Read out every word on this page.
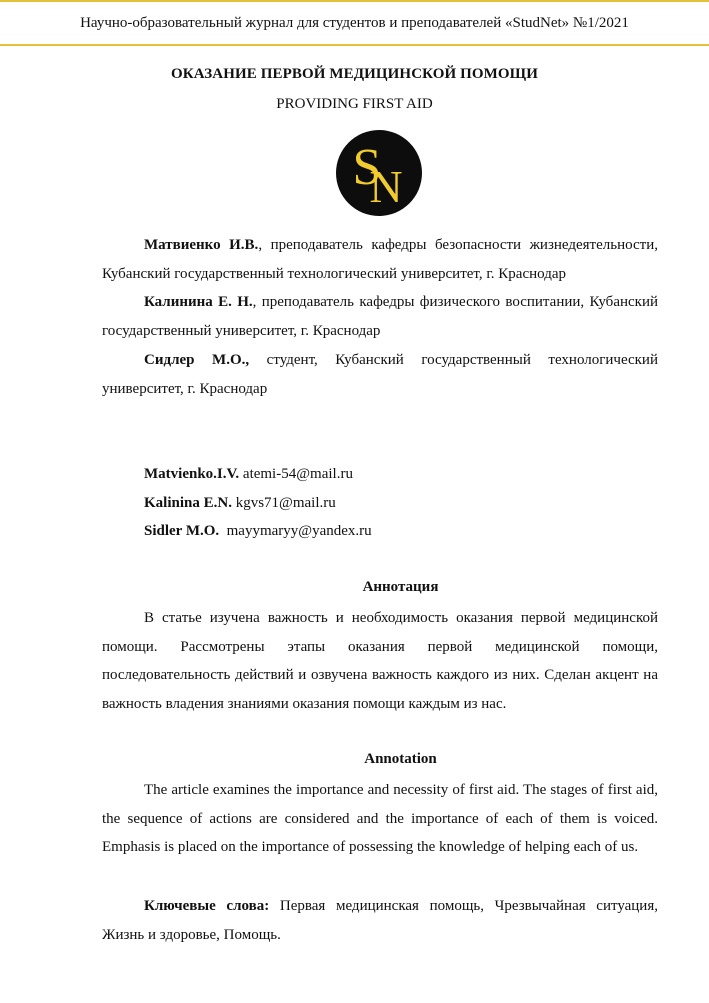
Научно-образовательный журнал для студентов и преподавателей «StudNet» №1/2021
ОКАЗАНИЕ ПЕРВОЙ МЕДИЦИНСКОЙ ПОМОЩИ
PROVIDING FIRST AID
S
N

Матвиенко И.В., преподаватель кафедры безопасности жизнедеятельности, Кубанский государственный технологический университет, г. Краснодар

Калинина Е. Н., преподаватель кафедры физического воспитании, Кубанский государственный университет, г. Краснодар

Сидлер М.О., студент, Кубанский государственный технологический университет, г. Краснодар

Matvienko.I.V. atemi-54@mail.ru
Kalinina E.N. kgvs71@mail.ru
Sidler M.O. mayymaryy@yandex.ru
Аннотация

В статье изучена важность и необходимость оказания первой медицинской помощи. Рассмотрены этапы оказания первой медицинской помощи, последовательность действий и озвучена важность каждого из них. Сделан акцент на важность владения знаниями оказания помощи каждым из нас.

Annotation

The article examines the importance and necessity of first aid. The stages of first aid, the sequence of actions are considered and the importance of each of them is voiced. Emphasis is placed on the importance of possessing the knowledge of helping each of us.

Ключевые слова: Первая медицинская помощь, Чрезвычайная ситуация, Жизнь и здоровье, Помощь.
